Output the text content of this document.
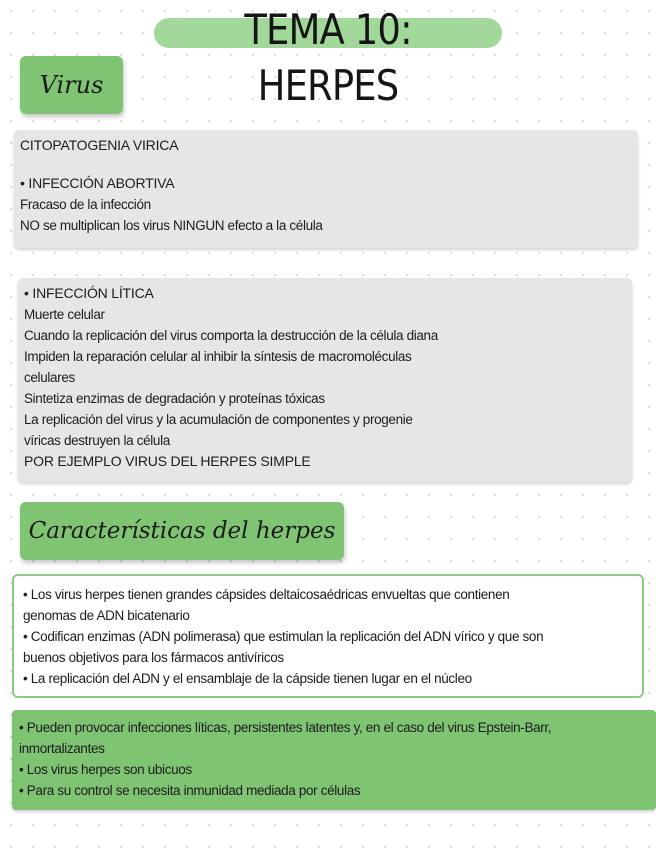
TEMA 10: HERPES
Virus
CITOPATOGENIA VIRICA
• INFECCIÓN ABORTIVA
Fracaso de la infección
NO se multiplican los virus NINGUN efecto a la célula
• INFECCIÓN LÍTICA
Muerte celular
Cuando la replicación del virus comporta la destrucción de la célula diana
Impiden la reparación celular al inhibir la síntesis de macromoléculas
celulares
Sintetiza enzimas de degradación y proteínas tóxicas
La replicación del virus y la acumulación de componentes y progenie
víricas destruyen la célula
POR EJEMPLO VIRUS DEL HERPES SIMPLE
Características del herpes
• Los virus herpes tienen grandes cápsides deltaicosaédricas envueltas que contienen
genomas de ADN bicatenario
• Codifican enzimas (ADN polimerasa) que estimulan la replicación del ADN vírico y que son
buenos objetivos para los fármacos antivíricos
• La replicación del ADN y el ensamblaje de la cápside tienen lugar en el núcleo
• Pueden provocar infecciones líticas, persistentes latentes y, en el caso del virus Epstein-Barr,
inmortalizantes
• Los virus herpes son ubicuos
• Para su control se necesita inmunidad mediada por células
